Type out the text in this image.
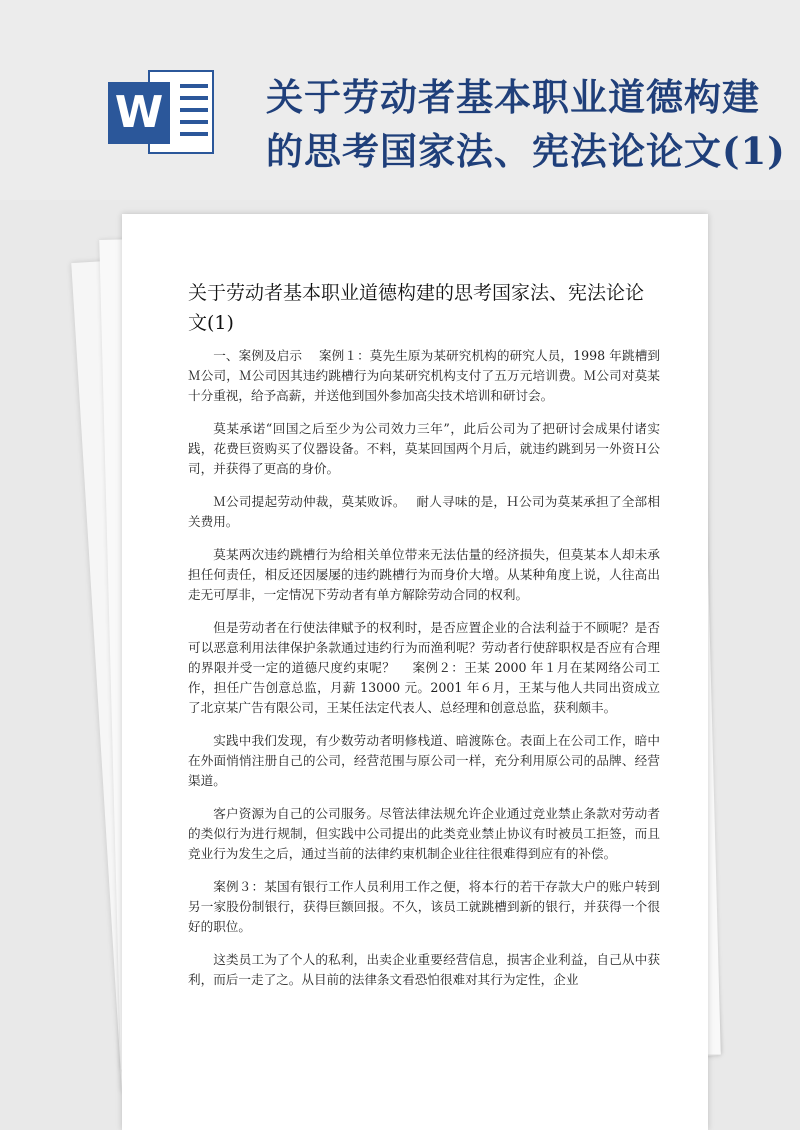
W	关于劳动者基本职业道德构建的思考国家法、宪法论论文(1)
关于劳动者基本职业道德构建的思考国家法、宪法论论文(1)

一、案例及启示　 案例１：莫先生原为某研究机构的研究人员，1998 年跳槽到Ｍ公司，Ｍ公司因其违约跳槽行为向某研究机构支付了五万元培训费。Ｍ公司对莫某十分重视，给予高薪，并送他到国外参加高尖技术培训和研讨会。

莫某承诺“回国之后至少为公司效力三年”，此后公司为了把研讨会成果付诸实践，花费巨资购买了仪器设备。不料，莫某回国两个月后，就违约跳到另一外资Ｈ公司，并获得了更高的身价。

Ｍ公司提起劳动仲裁，莫某败诉。　 耐人寻味的是，Ｈ公司为莫某承担了全部相关费用。

莫某两次违约跳槽行为给相关单位带来无法估量的经济损失，但莫某本人却未承担任何责任，相反还因屡屡的违约跳槽行为而身价大增。从某种角度上说，人往高出走无可厚非，一定情况下劳动者有单方解除劳动合同的权利。

但是劳动者在行使法律赋予的权利时，是否应置企业的合法利益于不顾呢？是否可以恶意利用法律保护条款通过违约行为而渔利呢？劳动者行使辞职权是否应有合理的界限并受一定的道德尺度约束呢？　 案例２：王某 2000 年１月在某网络公司工作，担任广告创意总监，月薪 13000 元。2001 年６月，王某与他人共同出资成立了北京某广告有限公司，王某任法定代表人、总经理和创意总监，获利颇丰。

实践中我们发现，有少数劳动者明修栈道、暗渡陈仓。表面上在公司工作，暗中在外面悄悄注册自己的公司，经营范围与原公司一样，充分利用原公司的品牌、经营渠道。

客户资源为自己的公司服务。尽管法律法规允许企业通过竞业禁止条款对劳动者的类似行为进行规制，但实践中公司提出的此类竞业禁止协议有时被员工拒签，而且竞业行为发生之后，通过当前的法律约束机制企业往往很难得到应有的补偿。

案例３：某国有银行工作人员利用工作之便，将本行的若干存款大户的账户转到另一家股份制银行，获得巨额回报。不久，该员工就跳槽到新的银行，并获得一个很好的职位。

这类员工为了个人的私利，出卖企业重要经营信息，损害企业利益，自己从中获利，而后一走了之。从目前的法律条文看恐怕很难对其行为定性，企业
